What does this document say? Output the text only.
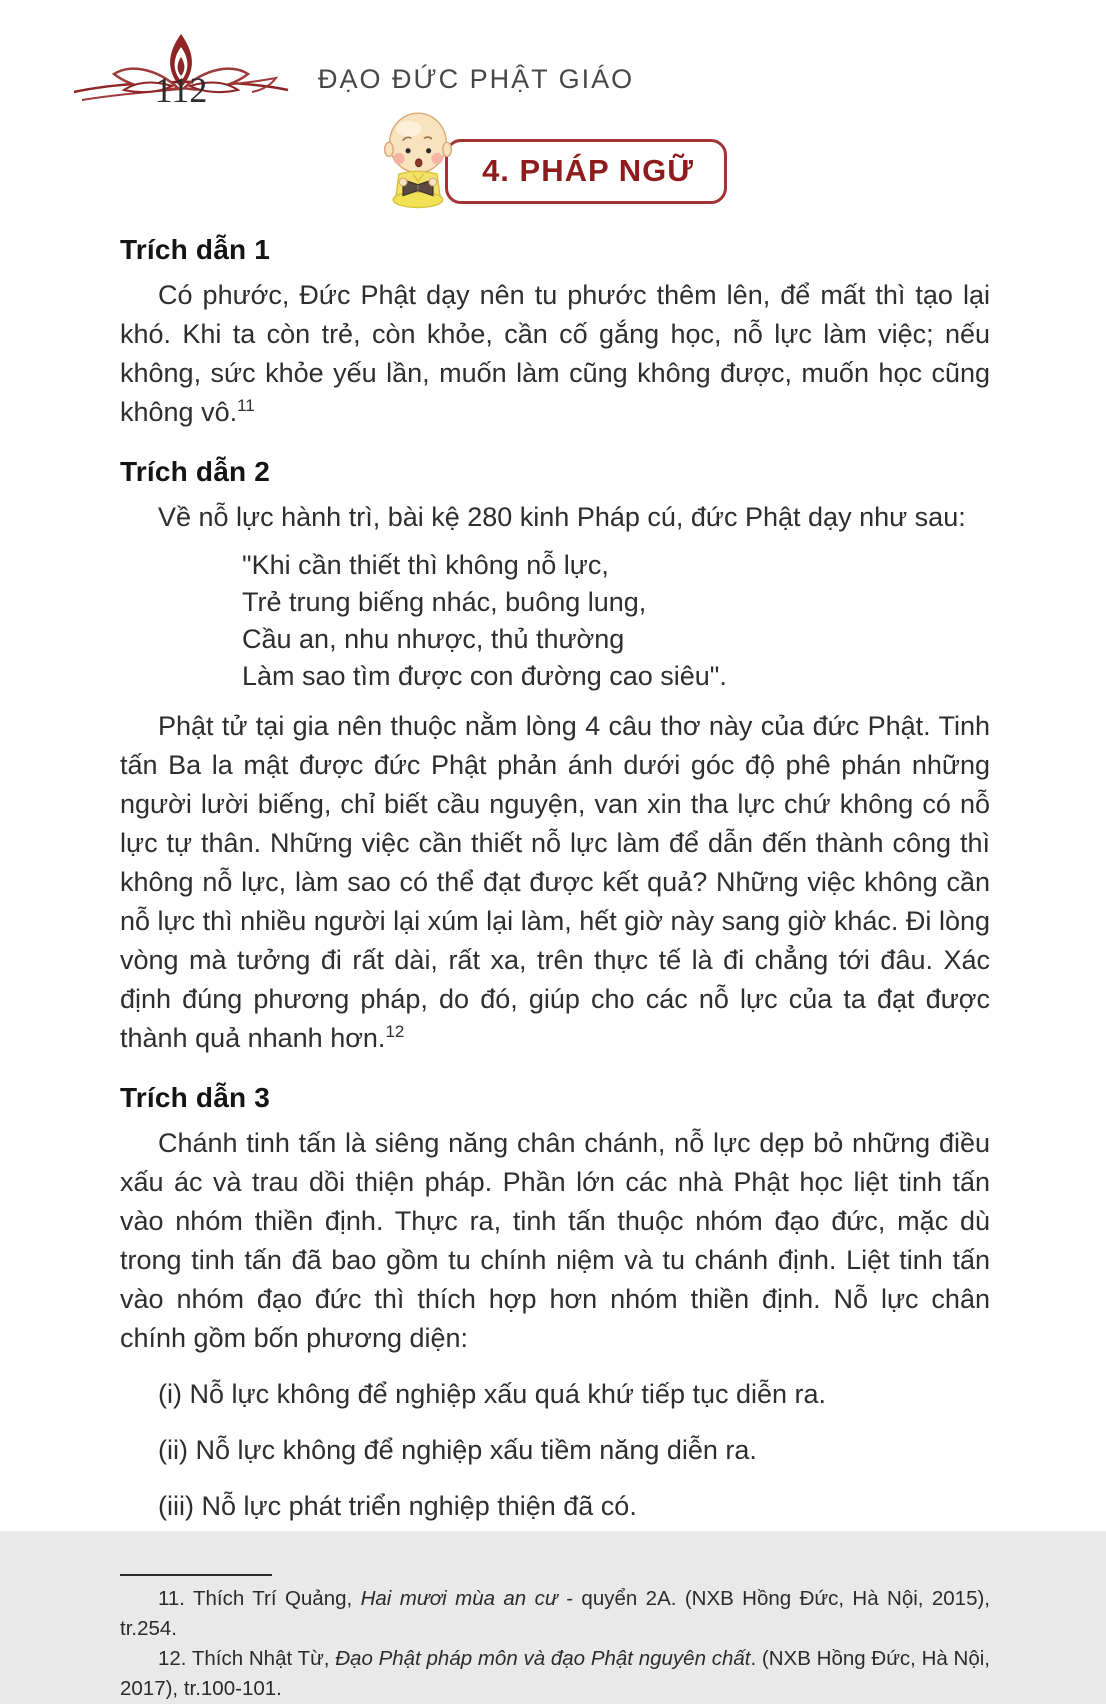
112	ĐẠO ĐỨC PHẬT GIÁO
4. PHÁP NGỮ
Trích dẫn 1

Có phước, Đức Phật dạy nên tu phước thêm lên, để mất thì tạo lại khó. Khi ta còn trẻ, còn khỏe, cần cố gắng học, nỗ lực làm việc; nếu không, sức khỏe yếu lần, muốn làm cũng không được, muốn học cũng không vô.$^{11}$

Trích dẫn 2

Về nỗ lực hành trì, bài kệ 280 kinh Pháp cú, đức Phật dạy như sau:

"Khi cần thiết thì không nỗ lực,
Trẻ trung biếng nhác, buông lung,
Cầu an, nhu nhược, thủ thường
Làm sao tìm được con đường cao siêu".

Phật tử tại gia nên thuộc nằm lòng 4 câu thơ này của đức Phật. Tinh tấn Ba la mật được đức Phật phản ánh dưới góc độ phê phán những người lười biếng, chỉ biết cầu nguyện, van xin tha lực chứ không có nỗ lực tự thân. Những việc cần thiết nỗ lực làm để dẫn đến thành công thì không nỗ lực, làm sao có thể đạt được kết quả? Những việc không cần nỗ lực thì nhiều người lại xúm lại làm, hết giờ này sang giờ khác. Đi lòng vòng mà tưởng đi rất dài, rất xa, trên thực tế là đi chẳng tới đâu. Xác định đúng phương pháp, do đó, giúp cho các nỗ lực của ta đạt được thành quả nhanh hơn.$^{12}$

Trích dẫn 3

Chánh tinh tấn là siêng năng chân chánh, nỗ lực dẹp bỏ những điều xấu ác và trau dồi thiện pháp. Phần lớn các nhà Phật học liệt tinh tấn vào nhóm thiền định. Thực ra, tinh tấn thuộc nhóm đạo đức, mặc dù trong tinh tấn đã bao gồm tu chính niệm và tu chánh định. Liệt tinh tấn vào nhóm đạo đức thì thích hợp hơn nhóm thiền định. Nỗ lực chân chính gồm bốn phương diện:

(i) Nỗ lực không để nghiệp xấu quá khứ tiếp tục diễn ra.

(ii) Nỗ lực không để nghiệp xấu tiềm năng diễn ra.

(iii) Nỗ lực phát triển nghiệp thiện đã có.

11. Thích Trí Quảng, Hai mươi mùa an cư - quyển 2A. (NXB Hồng Đức, Hà Nội, 2015), tr.254.

12. Thích Nhật Từ, Đạo Phật pháp môn và đạo Phật nguyên chất. (NXB Hồng Đức, Hà Nội, 2017), tr.100-101.
